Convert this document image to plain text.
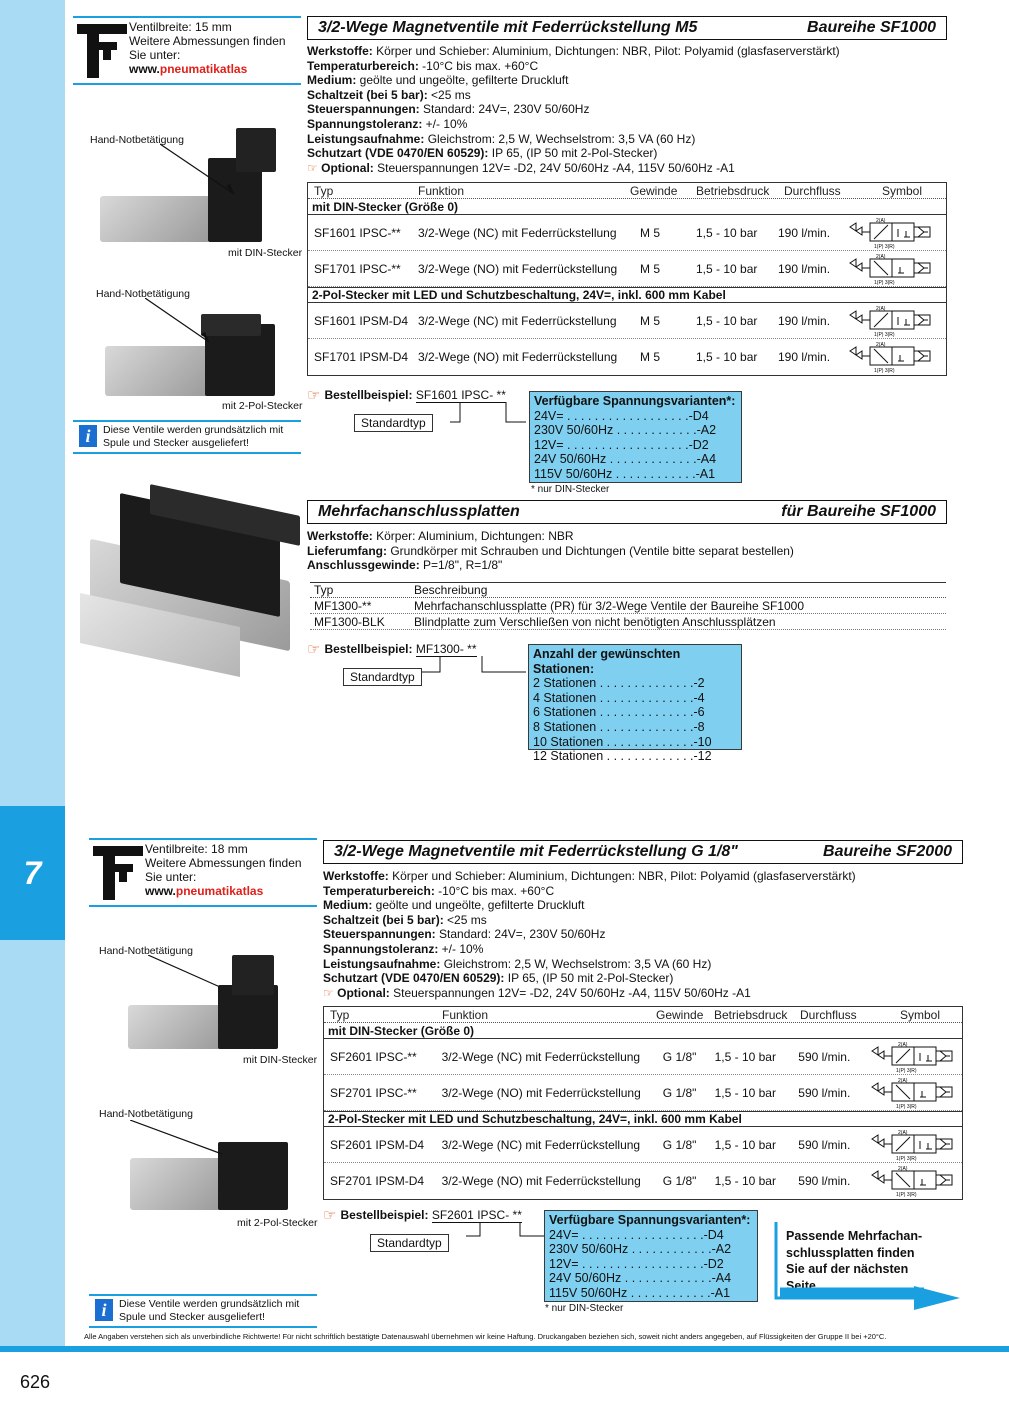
7
626
Alle Angaben verstehen sich als unverbindliche Richtwerte! Für nicht schriftlich bestätigte Datenauswahl übernehmen wir keine Haftung. Druckangaben beziehen sich, soweit nicht anders angegeben, auf Flüssigkeiten der Gruppe II bei +20°C.
Ventilbreite: 15 mm
Weitere Abmessungen finden
Sie unter:
www.pneumatikatlas
Hand-Notbetätigung
mit DIN-Stecker
Hand-Notbetätigung
mit 2-Pol-Stecker
i	Diese Ventile werden grundsätzlich mit Spule und Stecker ausgeliefert!
3/2-Wege Magnetventile mit Federrückstellung M5	Baureihe SF1000
Werkstoffe: Körper und Schieber: Aluminium, Dichtungen: NBR, Pilot: Polyamid (glasfaserverstärkt)
Temperaturbereich: -10°C bis max. +60°C
Medium: geölte und ungeölte, gefilterte Druckluft
Schaltzeit (bei 5 bar): <25 ms
Steuerspannungen: Standard: 24V=, 230V 50/60Hz
Spannungstoleranz: +/- 10%
Leistungsaufnahme: Gleichstrom: 2,5 W, Wechselstrom: 3,5 VA (60 Hz)
Schutzart (VDE 0470/EN 60529): IP 65, (IP 50 mit 2-Pol-Stecker)
☞ Optional: Steuerspannungen 12V= -D2, 24V 50/60Hz -A4, 115V 50/60Hz -A1
Typ	Funktion	Gewinde	Betriebsdruck	Durchfluss	Symbol
mit DIN-Stecker (Größe 0)
SF1601 IPSC-**	3/2-Wege (NC) mit Federrückstellung	M 5	1,5 - 10 bar	190 l/min.
2(A)
1(P) 3(R)
SF1701 IPSC-**	3/2-Wege (NO) mit Federrückstellung	M 5	1,5 - 10 bar	190 l/min.
2(A)
1(P) 3(R)
2-Pol-Stecker mit LED und Schutzbeschaltung, 24V=, inkl. 600 mm Kabel
SF1601 IPSM-D4 3/2-Wege (NC) mit Federrückstellung	M 5	1,5 - 10 bar	190 l/min.
2(A)
1(P) 3(R)
SF1701 IPSM-D4 3/2-Wege (NO) mit Federrückstellung	M 5	1,5 - 10 bar	190 l/min.
2(A)
1(P) 3(R)
☞ Bestellbeispiel:
SF1601 IPSC- **
Standardtyp
Verfügbare Spannungsvarianten*:
24V= . . . . . . . . . . . . . . . . . .-D4
230V 50/60Hz . . . . . . . . . . . .-A2
12V= . . . . . . . . . . . . . . . . . .-D2
24V 50/60Hz . . . . . . . . . . . . .-A4
115V 50/60Hz . . . . . . . . . . . .-A1
* nur DIN-Stecker
Mehrfachanschlussplatten	für Baureihe SF1000
Werkstoffe: Körper: Aluminium, Dichtungen: NBR
Lieferumfang: Grundkörper mit Schrauben und Dichtungen (Ventile bitte separat bestellen)
Anschlussgewinde: P=1/8", R=1/8"
Typ	Beschreibung
MF1300-**	Mehrfachanschlussplatte (PR) für 3/2-Wege Ventile der Baureihe SF1000
MF1300-BLK	Blindplatte zum Verschließen von nicht benötigten Anschlussplätzen
☞ Bestellbeispiel:
MF1300- **
Standardtyp
Anzahl der gewünschten Stationen:
2 Stationen . . . . . . . . . . . . . .-2
4 Stationen . . . . . . . . . . . . . .-4
6 Stationen . . . . . . . . . . . . . .-6
8 Stationen . . . . . . . . . . . . . .-8
10 Stationen . . . . . . . . . . . . .-10
12 Stationen . . . . . . . . . . . . .-12
Ventilbreite: 18 mm
Weitere Abmessungen finden
Sie unter:
www.pneumatikatlas
Hand-Notbetätigung
mit DIN-Stecker
Hand-Notbetätigung
mit 2-Pol-Stecker
i	Diese Ventile werden grundsätzlich mit Spule und Stecker ausgeliefert!
3/2-Wege Magnetventile mit Federrückstellung G 1/8"	Baureihe SF2000
Werkstoffe: Körper und Schieber: Aluminium, Dichtungen: NBR, Pilot: Polyamid (glasfaserverstärkt)
Temperaturbereich: -10°C bis max. +60°C
Medium: geölte und ungeölte, gefilterte Druckluft
Schaltzeit (bei 5 bar): <25 ms
Steuerspannungen: Standard: 24V=, 230V 50/60Hz
Spannungstoleranz: +/- 10%
Leistungsaufnahme: Gleichstrom: 2,5 W, Wechselstrom: 3,5 VA (60 Hz)
Schutzart (VDE 0470/EN 60529): IP 65, (IP 50 mit 2-Pol-Stecker)
☞ Optional: Steuerspannungen 12V= -D2, 24V 50/60Hz -A4, 115V 50/60Hz -A1
Typ	Funktion	Gewinde Betriebsdruck	Durchfluss	Symbol
mit DIN-Stecker (Größe 0)
SF2601 IPSC-**	3/2-Wege (NC) mit Federrückstellung	G 1/8"	1,5 - 10 bar	590 l/min.
2(A)
1(P) 3(R)
SF2701 IPSC-**	3/2-Wege (NO) mit Federrückstellung	G 1/8"	1,5 - 10 bar	590 l/min.
2(A)
1(P) 3(R)
2-Pol-Stecker mit LED und Schutzbeschaltung, 24V=, inkl. 600 mm Kabel
SF2601 IPSM-D4	3/2-Wege (NC) mit Federrückstellung	G 1/8"	1,5 - 10 bar	590 l/min.
2(A)
1(P) 3(R)
SF2701 IPSM-D4	3/2-Wege (NO) mit Federrückstellung	G 1/8"	1,5 - 10 bar	590 l/min.
2(A)
1(P) 3(R)
☞ Bestellbeispiel:
SF2601 IPSC- **
Standardtyp
Verfügbare Spannungsvarianten*:
24V= . . . . . . . . . . . . . . . . . .-D4
230V 50/60Hz . . . . . . . . . . . .-A2
12V= . . . . . . . . . . . . . . . . . .-D2
24V 50/60Hz . . . . . . . . . . . . .-A4
115V 50/60Hz . . . . . . . . . . . .-A1
* nur DIN-Stecker
Passende Mehrfachan-schlussplatten finden Sie auf der nächsten Seite
